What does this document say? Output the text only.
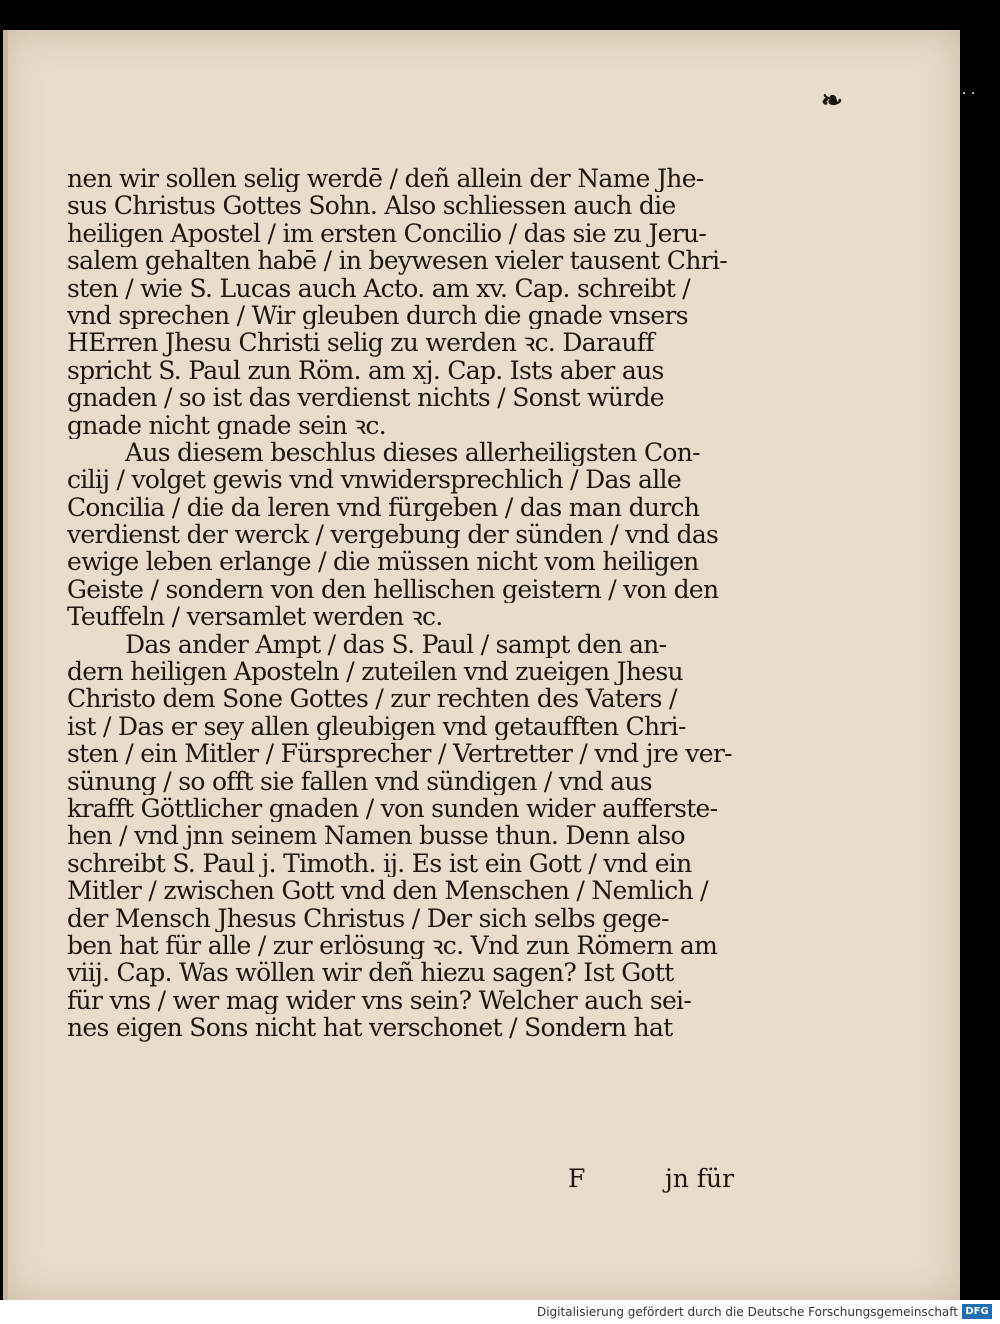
❧
nen wir sollen selig werdē / deñ allein der Name Jhe-
sus Christus Gottes Sohn. Also schliessen auch die
heiligen Apostel / im ersten Concilio / das sie zu Jeru-
salem gehalten habē / in beywesen vieler tausent Chri-
sten / wie S. Lucas auch Acto. am xv. Cap. schreibt /
vnd sprechen / Wir gleuben durch die gnade vnsers
HErren Jhesu Christi selig zu werden ꝛc. Darauff
spricht S. Paul zun Röm. am xj. Cap. Ists aber aus
gnaden / so ist das verdienst nichts / Sonst würde
gnade nicht gnade sein ꝛc.
Aus diesem beschlus dieses allerheiligsten Con-
cilij / volget gewis vnd vnwidersprechlich / Das alle
Concilia / die da leren vnd fürgeben / das man durch
verdienst der werck / vergebung der sünden / vnd das
ewige leben erlange / die müssen nicht vom heiligen
Geiste / sondern von den hellischen geistern / von den
Teuffeln / versamlet werden ꝛc.
Das ander Ampt / das S. Paul / sampt den an-
dern heiligen Aposteln / zuteilen vnd zueigen Jhesu
Christo dem Sone Gottes / zur rechten des Vaters /
ist / Das er sey allen gleubigen vnd getaufften Chri-
sten / ein Mitler / Fürsprecher / Vertretter / vnd jre ver-
sünung / so offt sie fallen vnd sündigen / vnd aus
krafft Göttlicher gnaden / von sunden wider aufferste-
hen / vnd jnn seinem Namen busse thun. Denn also
schreibt S. Paul j. Timoth. ij. Es ist ein Gott / vnd ein
Mitler / zwischen Gott vnd den Menschen / Nemlich /
der Mensch Jhesus Christus / Der sich selbs gege-
ben hat für alle / zur erlösung ꝛc. Vnd zun Römern am
viij. Cap. Was wöllen wir deñ hiezu sagen? Ist Gott
für vns / wer mag wider vns sein? Welcher auch sei-
nes eigen Sons nicht hat verschonet / Sondern hat
F	jn für
· ·
Digitalisierung gefördert durch die Deutsche Forschungsgemeinschaft DFG
